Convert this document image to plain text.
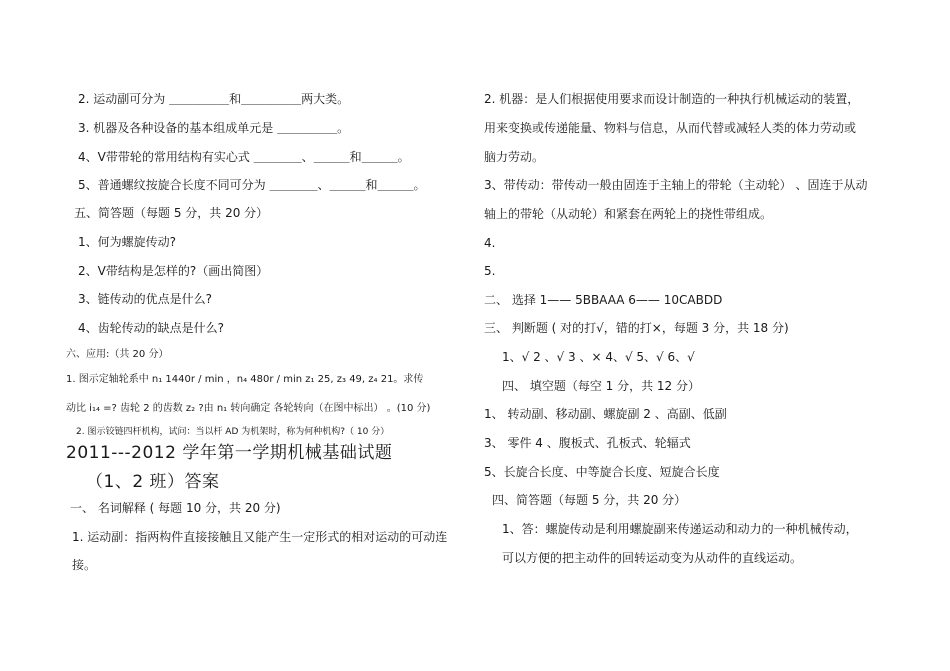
2. 运动副可分为 ＿＿＿＿＿和＿＿＿＿＿两大类。
3. 机器及各种设备的基本组成单元是 ＿＿＿＿＿。
4、V带带轮的常用结构有实心式 ＿＿＿＿、＿＿＿和＿＿＿。
5、普通螺纹按旋合长度不同可分为 ＿＿＿＿、＿＿＿和＿＿＿。
五、简答题（每题 5 分，共 20 分）
1、何为螺旋传动?
2、V带结构是怎样的?（画出简图）
3、链传动的优点是什么?
4、齿轮传动的缺点是什么?
六、应用:（共 20 分）
1. 图示定轴轮系中 n₁ 1440r / min ，n₄ 480r / min z₁ 25, z₃ 49, z₄ 21。求传
动比 i₁₄ =? 齿轮 2 的齿数 z₂ ?由 n₁ 转向确定 各轮转向（在图中标出） 。(10 分)
2. 图示铰链四杆机构，试问：当以杆 AD 为机架时，称为何种机构?（ 10 分）
2011---2012 学年第一学期机械基础试题
（1、2 班）答案
一、 名词解释 ( 每题 10 分，共 20 分)
1. 运动副：指两构件直接接触且又能产生一定形式的相对运动的可动连
接。
2. 机器：是人们根据使用要求而设计制造的一种执行机械运动的装置，
用来变换或传递能量、物料与信息，从而代替或减轻人类的体力劳动或
脑力劳动。
3、带传动：带传动一般由固连于主轴上的带轮（主动轮） 、固连于从动
轴上的带轮（从动轮）和紧套在两轮上的挠性带组成。
4.
5.
二、 选择 1—— 5BBAAA 6—— 10CABDD
三、 判断题 ( 对的打√，错的打×，每题 3 分，共 18 分)
1、√ 2 、√ 3 、× 4、√ 5、√ 6、√
四、 填空题（每空 1 分，共 12 分）
1、 转动副、移动副、螺旋副 2 、高副、低副
3、 零件 4 、腹板式、孔板式、轮辐式
5、长旋合长度、中等旋合长度、短旋合长度
四、简答题（每题 5 分，共 20 分）
1、答：螺旋传动是利用螺旋副来传递运动和动力的一种机械传动，
可以方便的把主动件的回转运动变为从动件的直线运动。
